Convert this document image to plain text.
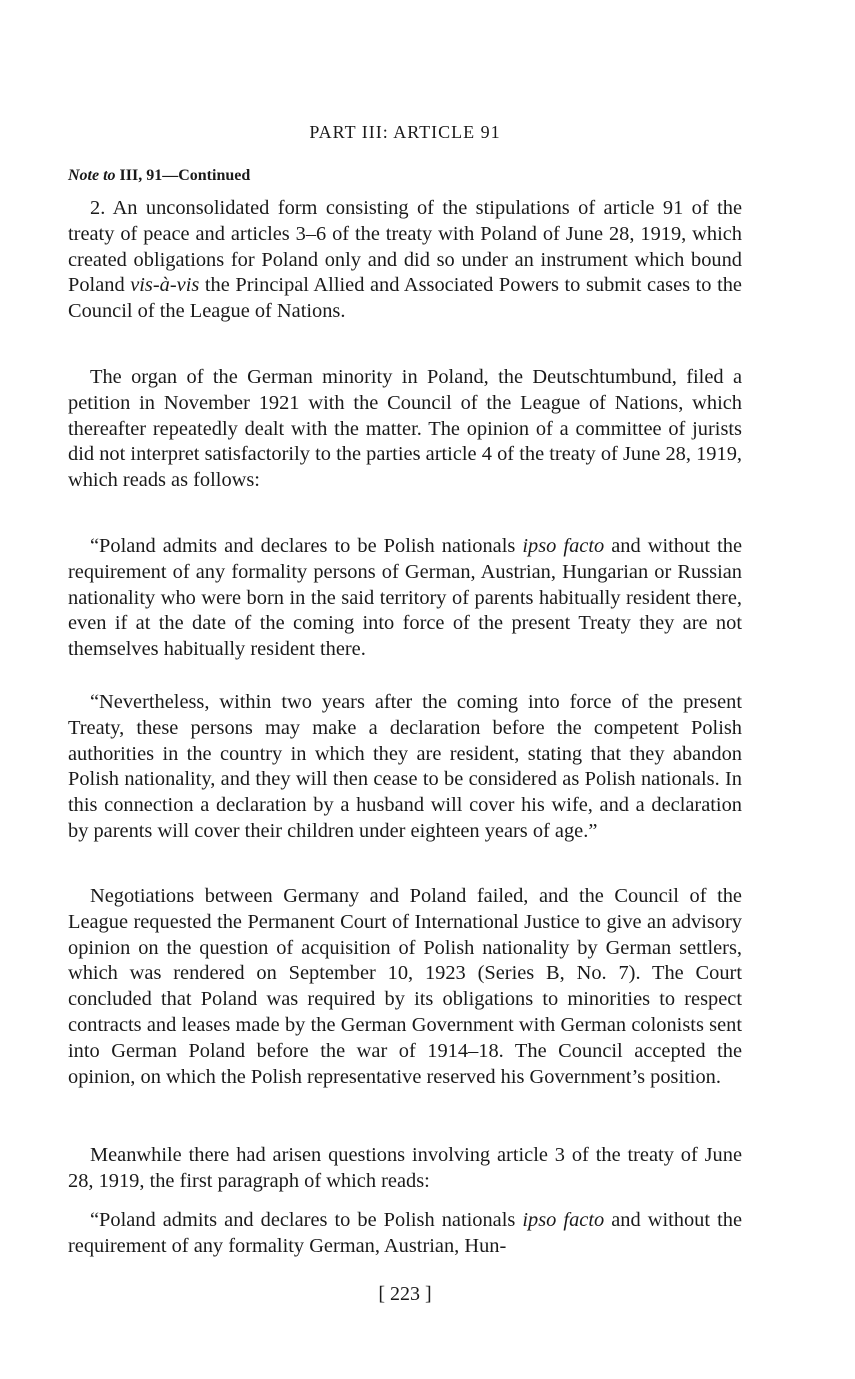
PART III: ARTICLE 91
Note to III, 91—Continued

2. An unconsolidated form consisting of the stipulations of article 91 of the treaty of peace and articles 3–6 of the treaty with Poland of June 28, 1919, which created obligations for Poland only and did so under an instrument which bound Poland vis-à-vis the Principal Allied and Associated Powers to submit cases to the Council of the League of Nations.

The organ of the German minority in Poland, the Deutschtumbund, filed a petition in November 1921 with the Council of the League of Nations, which thereafter repeatedly dealt with the matter. The opinion of a committee of jurists did not interpret satisfactorily to the parties article 4 of the treaty of June 28, 1919, which reads as follows:

“Poland admits and declares to be Polish nationals ipso facto and without the requirement of any formality persons of German, Austrian, Hungarian or Russian nationality who were born in the said territory of parents habitually resident there, even if at the date of the coming into force of the present Treaty they are not themselves habitually resident there.

“Nevertheless, within two years after the coming into force of the present Treaty, these persons may make a declaration before the competent Polish authorities in the country in which they are resident, stating that they abandon Polish nationality, and they will then cease to be considered as Polish nationals. In this connection a declaration by a husband will cover his wife, and a declaration by parents will cover their children under eighteen years of age.”

Negotiations between Germany and Poland failed, and the Council of the League requested the Permanent Court of International Justice to give an advisory opinion on the question of acquisition of Polish nationality by German settlers, which was rendered on September 10, 1923 (Series B, No. 7). The Court concluded that Poland was required by its obligations to minorities to respect contracts and leases made by the German Government with German colonists sent into German Poland before the war of 1914–18. The Council accepted the opinion, on which the Polish representative reserved his Government’s position.

Meanwhile there had arisen questions involving article 3 of the treaty of June 28, 1919, the first paragraph of which reads:

“Poland admits and declares to be Polish nationals ipso facto and without the requirement of any formality German, Austrian, Hun-

[ 223 ]
